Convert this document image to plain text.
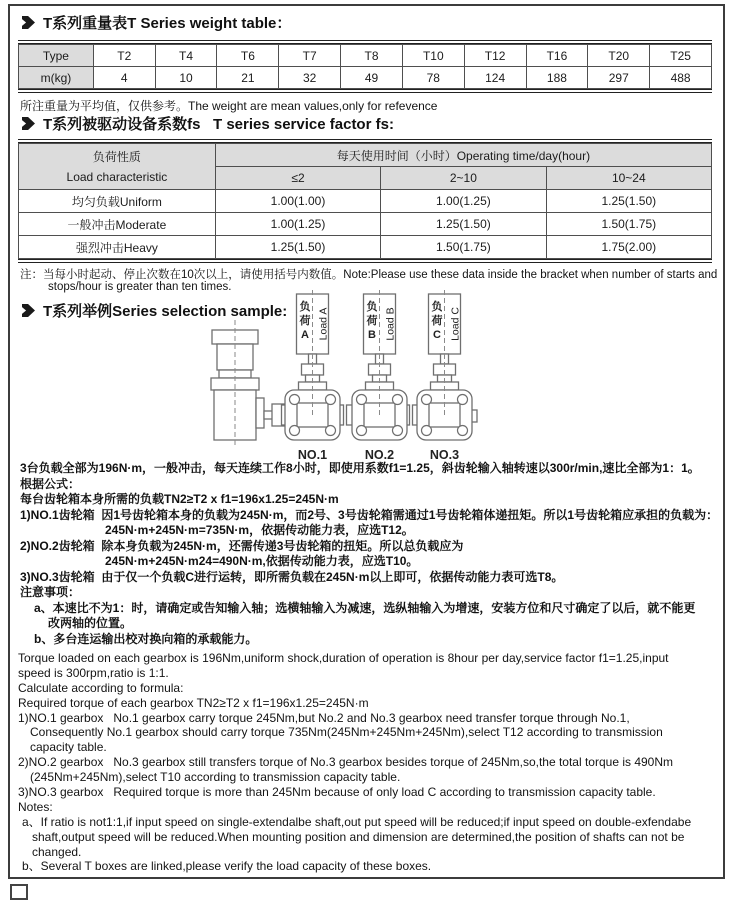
T系列重量表T Series weight table：
Type	T2	T4	T6	T7	T8	T10	T12	T16	T20	T25
m(kg)	4	10	21	32	49	78	124	188	297	488
所注重量为平均值，仅供参考。The weight are mean values,only for refevence
T系列被驱动设备系数fs   T series service factor fs:
负荷性质
Load characteristic	每天使用时间（小时）Operating time/day(hour)		
	≤2	2~10	10~24
均匀负载Uniform	1.00(1.00)	1.00(1.25)	1.25(1.50)
一般冲击Moderate	1.00(1.25)	1.25(1.50)	1.50(1.75)
强烈冲击Heavy	1.25(1.50)	1.50(1.75)	1.75(2.00)
注：当每小时起动、停止次数在10次以上，请使用括号内数值。Note:Please use these data inside the bracket when number of starts and
stops/hour is greater than ten times.
T系列举例Series selection sample: 负
荷
A Load A
负
荷
B Load B
负
荷
C Load C
NO.1	NO.2	NO.3
3台负载全部为196N·m，一般冲击，每天连续工作8小时，即使用系数f1=1.25，斜齿轮输入轴转速以300r/min,速比全部为1：1。
根据公式：
每台齿轮箱本身所需的负载TN2≥T2 x f1=196x1.25=245N·m
1)NO.1齿轮箱  因1号齿轮箱本身的负载为245N·m，而2号、3号齿轮箱需通过1号齿轮箱体递扭矩。所以1号齿轮箱应承担的负载为：
245N·m+245N·m=735N·m，依据传动能力表，应选T12。
2)NO.2齿轮箱  除本身负载为245N·m，还需传递3号齿轮箱的扭矩。所以总负载应为
245N·m+245N·m24=490N·m,依据传动能力表，应选T10。
3)NO.3齿轮箱  由于仅一个负载C进行运转，即所需负载在245N·m以上即可，依据传动能力表可选T8。
注意事项：
a、本速比不为1：时，请确定或告知输入轴；选横轴输入为减速，选纵轴输入为增速，安装方位和尺寸确定了以后，就不能更
改两轴的位置。
b、多台连运输出校对换向箱的承载能力。
Torque loaded on each gearbox is 196Nm,uniform shock,duration of operation is 8hour per day,service factor f1=1.25,input
speed is 300rpm,ratio is 1:1.
Calculate according to formula:
Required torque of each gearbox TN2≥T2 x f1=196x1.25=245N·m
1)NO.1 gearbox   No.1 gearbox carry torque 245Nm,but No.2 and No.3 gearbox need transfer torque through No.1,
Consequently No.1 gearbox should carry torque 735Nm(245Nm+245Nm+245Nm),select T12 according to transmission
capacity table.
2)NO.2 gearbox   No.3 gearbox still transfers torque of No.3 gearbox besides torque of 245Nm,so,the total torque is 490Nm
(245Nm+245Nm),select T10 according to transmission capacity table.
3)NO.3 gearbox   Required torque is more than 245Nm because of only load C according to transmission capacity table.
Notes:
a、If ratio is not1:1,if input speed on single-extendalbe shaft,out put speed will be reduced;if input speed on double-exfendabe
shaft,output speed will be reduced.When mounting position and dimension are determined,the position of shafts can not be
changed.
b、Several T boxes are linked,please verify the load capacity of these boxes.
